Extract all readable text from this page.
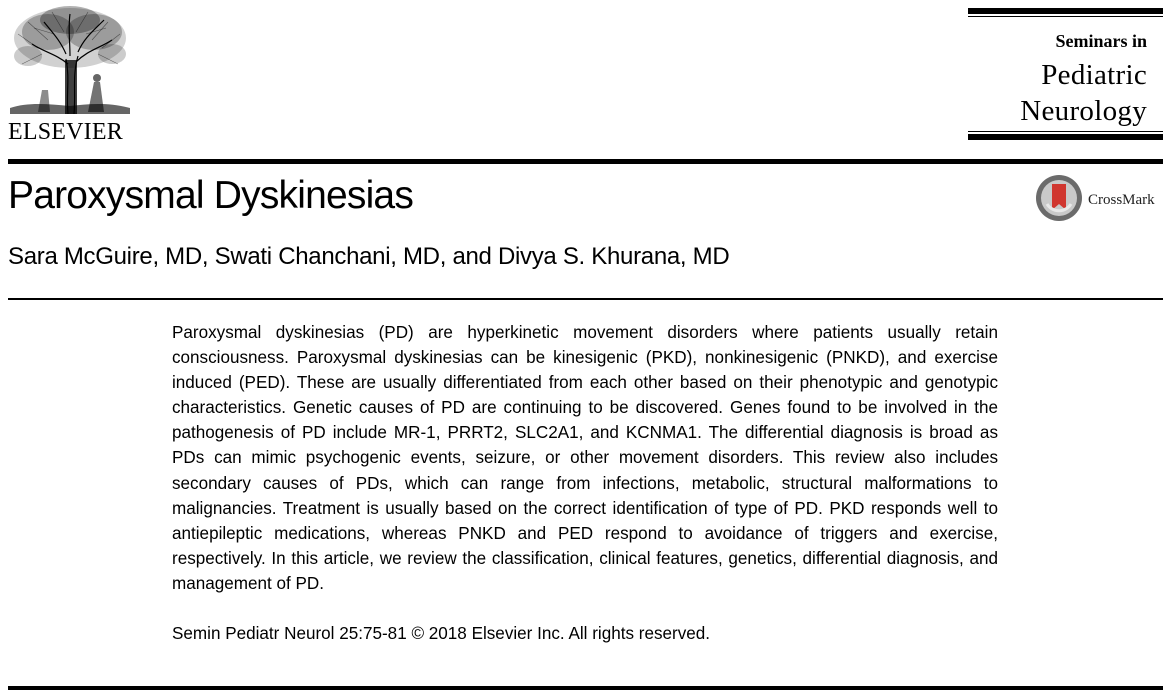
ELSEVIER
Seminars in
Pediatric
Neurology
Paroxysmal Dyskinesias	CrossMark
Sara McGuire, MD, Swati Chanchani, MD, and Divya S. Khurana, MD

Paroxysmal dyskinesias (PD) are hyperkinetic movement disorders where patients usually retain consciousness. Paroxysmal dyskinesias can be kinesigenic (PKD), nonkinesigenic (PNKD), and exercise induced (PED). These are usually differentiated from each other based on their phenotypic and genotypic characteristics. Genetic causes of PD are continuing to be discovered. Genes found to be involved in the pathogenesis of PD include MR-1, PRRT2, SLC2A1, and KCNMA1. The differential diagnosis is broad as PDs can mimic psychogenic events, seizure, or other movement disorders. This review also includes secondary causes of PDs, which can range from infections, metabolic, structural malformations to malignancies. Treatment is usually based on the correct identification of type of PD. PKD responds well to antiepileptic medications, whereas PNKD and PED respond to avoidance of triggers and exercise, respectively. In this article, we review the classification, clinical features, genetics, differential diagnosis, and management of PD.

Semin Pediatr Neurol 25:75-81 © 2018 Elsevier Inc. All rights reserved.
